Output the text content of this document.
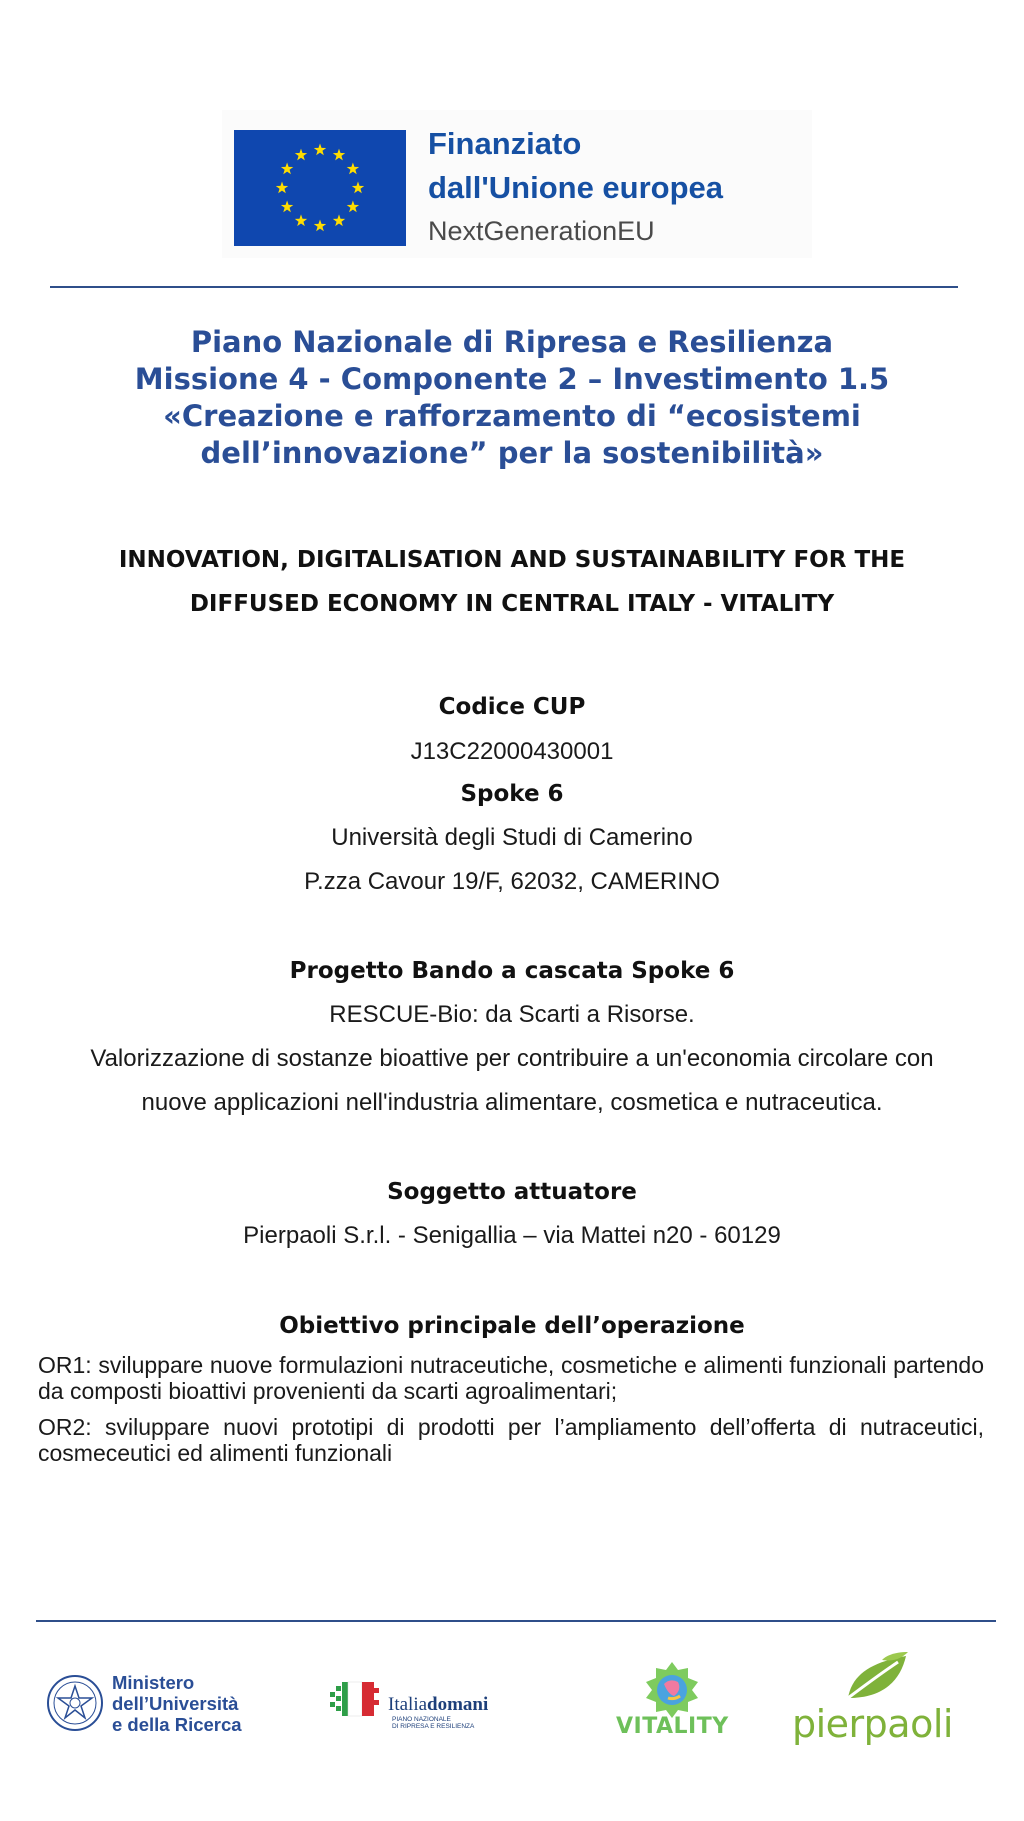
Finanziato
dall'Unione europea
NextGenerationEU
Piano Nazionale di Ripresa e Resilienza
Missione 4 - Componente 2 – Investimento 1.5
«Creazione e rafforzamento di “ecosistemi
dell’innovazione” per la sostenibilità»
INNOVATION, DIGITALISATION AND SUSTAINABILITY FOR THE
DIFFUSED ECONOMY IN CENTRAL ITALY - VITALITY
Codice CUP
J13C22000430001
Spoke 6
Università degli Studi di Camerino
P.zza Cavour 19/F, 62032, CAMERINO
Progetto Bando a cascata Spoke 6
RESCUE-Bio: da Scarti a Risorse.
Valorizzazione di sostanze bioattive per contribuire a un'economia circolare con
nuove applicazioni nell'industria alimentare, cosmetica e nutraceutica.
Soggetto attuatore
Pierpaoli S.r.l. - Senigallia – via Mattei n20 - 60129
Obiettivo principale dell’operazione
OR1: sviluppare nuove formulazioni nutraceutiche, cosmetiche e alimenti funzionali partendo da composti bioattivi provenienti da scarti agroalimentari;
OR2: sviluppare nuovi prototipi di prodotti per l’ampliamento dell’offerta di nutraceutici, cosmeceutici ed alimenti funzionali
Ministero
dell’Università
e della Ricerca
Italiadomani
PIANO NAZIONALE
DI RIPRESA E RESILIENZA	VITALITY pierpaoli
